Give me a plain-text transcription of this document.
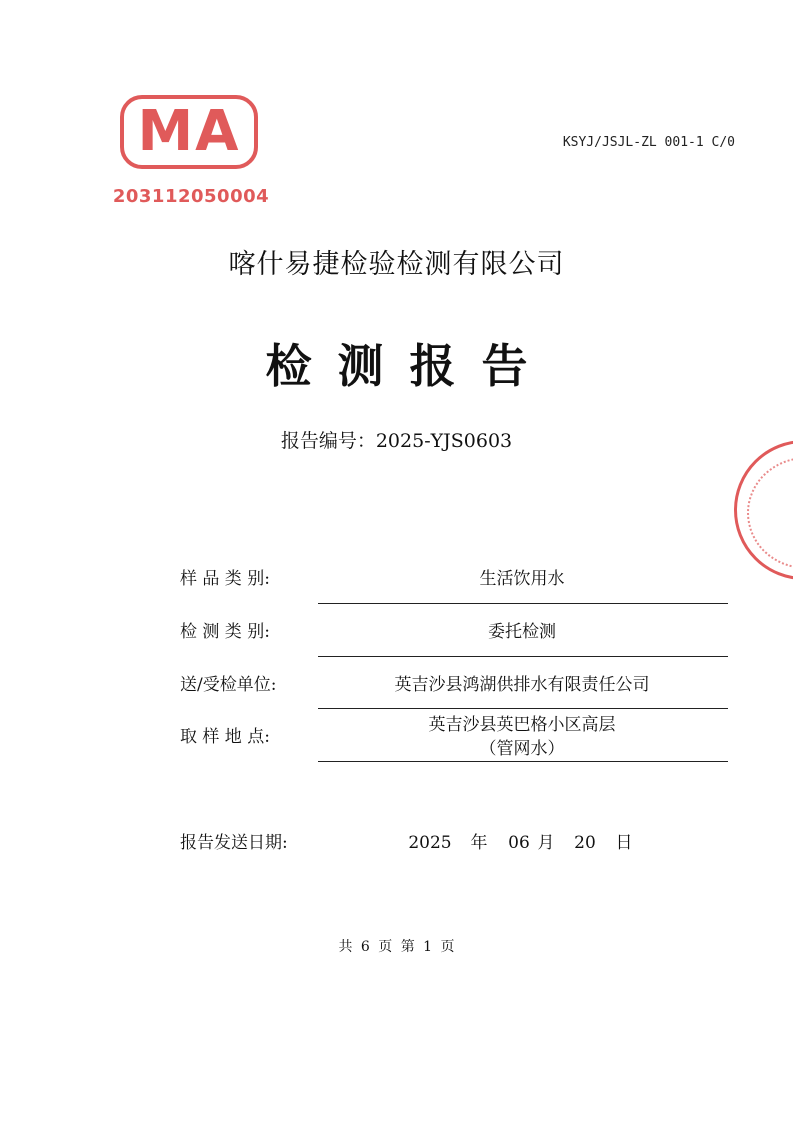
MA
203112050004
KSYJ/JSJL-ZL 001-1 C/0
喀什易捷检验检测有限公司
检测报告
报告编号：2025-YJS0603
样 品 类 别:	生活饮用水
检 测 类 别:	委托检测
送/受检单位:	英吉沙县鸿湖供排水有限责任公司
取 样 地 点:
英吉沙县英巴格小区高层
（管网水）
报告发送日期:	2025 年 06 月 20 日
共 6 页 第 1 页
